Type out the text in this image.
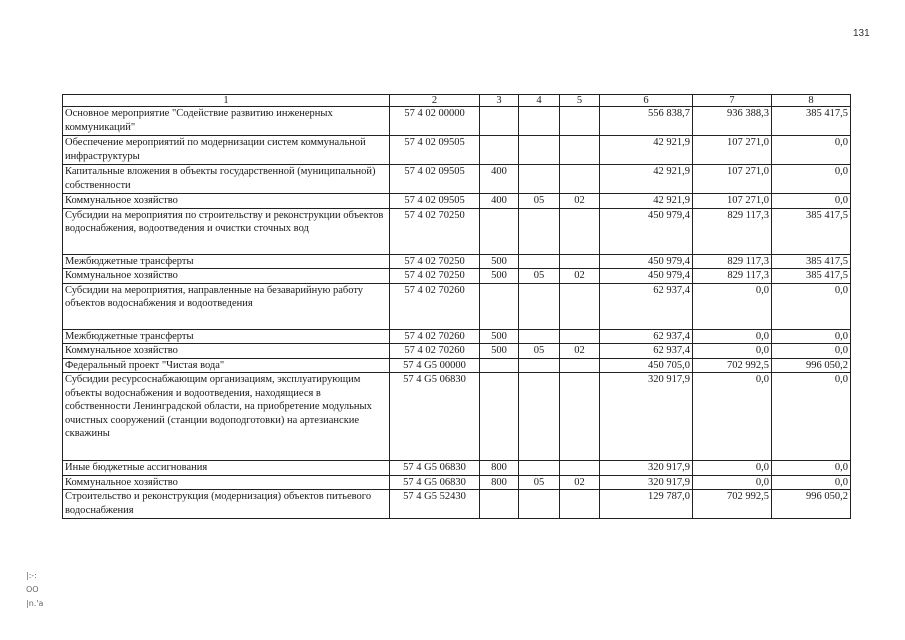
131
|:-:
OO
|n.'a
1	2	3	4	5	6	7	8
Основное мероприятие "Содействие развитию инженерных коммуникаций"	57 4 02 00000				556 838,7	936 388,3	385 417,5
Обеспечение мероприятий по модернизации систем коммунальной инфраструктуры	57 4 02 09505				42 921,9	107 271,0	0,0
Капитальные вложения в объекты государственной (муниципальной) собственности	57 4 02 09505	400			42 921,9	107 271,0	0,0
Коммунальное хозяйство	57 4 02 09505	400	05	02	42 921,9	107 271,0	0,0
Субсидии на мероприятия по строительству и реконструкции объектов водоснабжения, водоотведения и очистки сточных вод	57 4 02 70250				450 979,4	829 117,3	385 417,5
Межбюджетные трансферты	57 4 02 70250	500			450 979,4	829 117,3	385 417,5
Коммунальное хозяйство	57 4 02 70250	500	05	02	450 979,4	829 117,3	385 417,5
Субсидии на мероприятия, направленные на безаварийную работу объектов водоснабжения и водоотведения	57 4 02 70260				62 937,4	0,0	0,0
Межбюджетные трансферты	57 4 02 70260	500			62 937,4	0,0	0,0
Коммунальное хозяйство	57 4 02 70260	500	05	02	62 937,4	0,0	0,0
Федеральный проект "Чистая вода"	57 4 G5 00000				450 705,0	702 992,5	996 050,2
Субсидии ресурсоснабжающим организациям, эксплуатирующим объекты водоснабжения и водоотведения, находящиеся в собственности Ленинградской области, на приобретение модульных очистных сооружений (станции водоподготовки) на артезианские скважины	57 4 G5 06830				320 917,9	0,0	0,0
Иные бюджетные ассигнования	57 4 G5 06830	800			320 917,9	0,0	0,0
Коммунальное хозяйство	57 4 G5 06830	800	05	02	320 917,9	0,0	0,0
Строительство и реконструкция (модернизация) объектов питьевого водоснабжения	57 4 G5 52430				129 787,0	702 992,5	996 050,2
